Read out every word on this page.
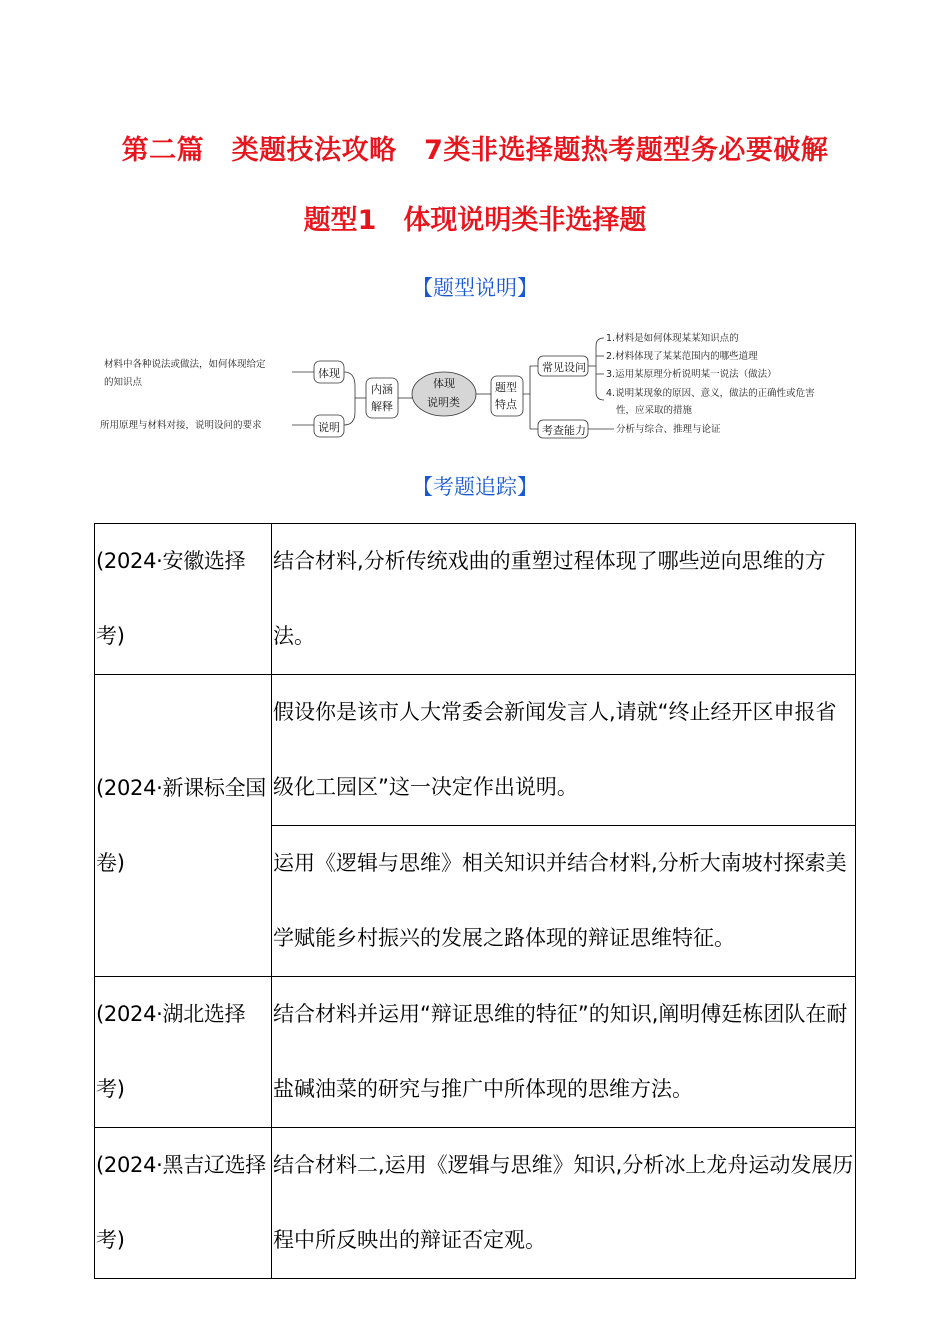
第二篇　类题技法攻略　7类非选择题热考题型务必要破解
题型1　体现说明类非选择题
【题型说明】
材料中各种说法或做法，如何体现给定
的知识点
所用原理与材料对接，说明设问的要求
体现
说明
内涵
解释
体现
说明类
题型
特点
常见设问
考查能力
1.材料是如何体现某某知识点的
2.材料体现了某某范围内的哪些道理
3.运用某原理分析说明某一说法（做法）
4.说明某现象的原因、意义，做法的正确性或危害
性，应采取的措施
分析与综合、推理与论证
【考题追踪】
(2024·安徽选择考)	结合材料,分析传统戏曲的重塑过程体现了哪些逆向思维的方法。
(2024·新课标全国卷)	假设你是该市人大常委会新闻发言人,请就“终止经开区申报省级化工园区”这一决定作出说明。
	运用《逻辑与思维》相关知识并结合材料,分析大南坡村探索美学赋能乡村振兴的发展之路体现的辩证思维特征。
(2024·湖北选择考)	结合材料并运用“辩证思维的特征”的知识,阐明傅廷栋团队在耐盐碱油菜的研究与推广中所体现的思维方法。
(2024·黑吉辽选择考)	结合材料二,运用《逻辑与思维》知识,分析冰上龙舟运动发展历程中所反映出的辩证否定观。
